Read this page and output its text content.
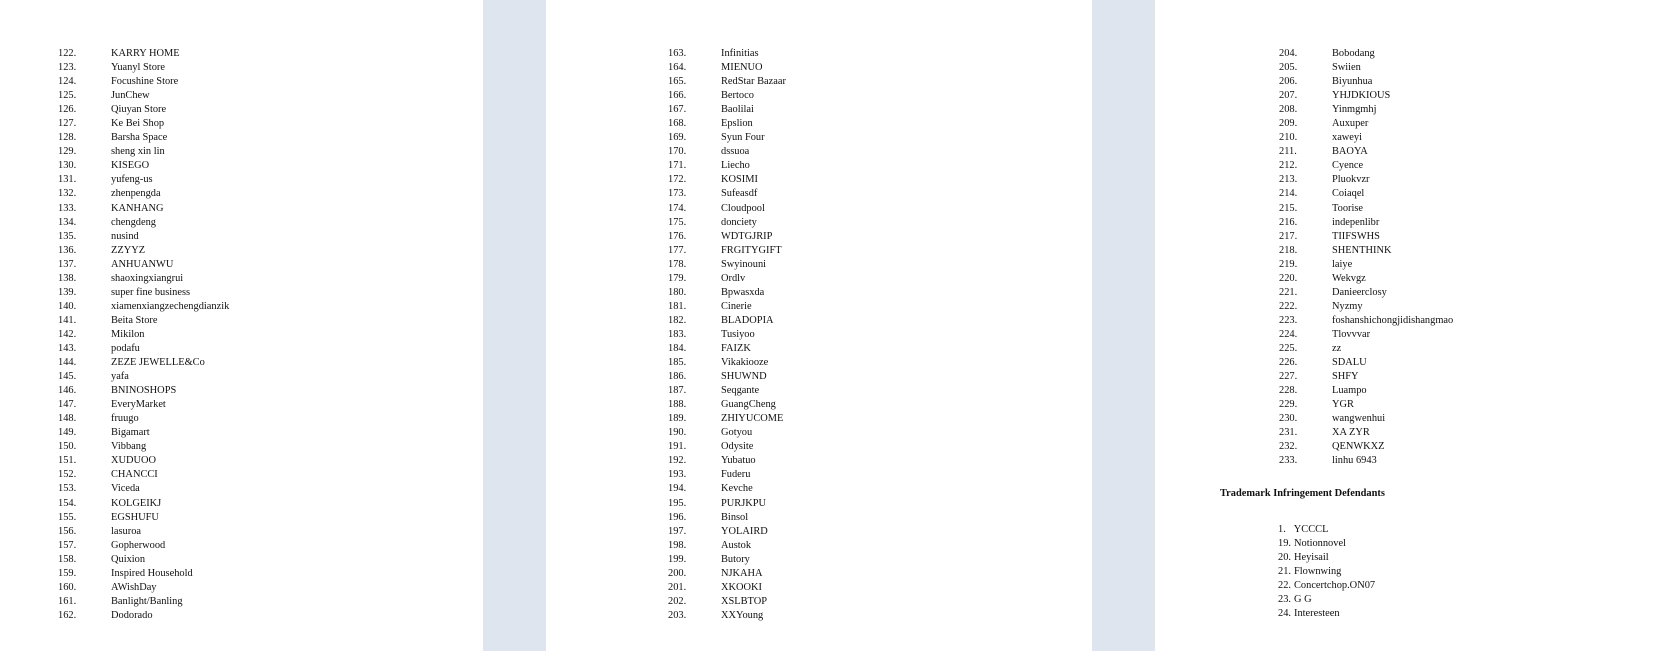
122.	KARRY HOME
123.	Yuanyl Store
124.	Focushine Store
125.	JunChew
126.	Qiuyan Store
127.	Ke Bei Shop
128.	Barsha Space
129.	sheng xin lin
130.	KISEGO
131.	yufeng-us
132.	zhenpengda
133.	KANHANG
134.	chengdeng
135.	nusind
136.	ZZYYZ
137.	ANHUANWU
138.	shaoxingxiangrui
139.	super fine business
140.	xiamenxiangzechengdianzik
141.	Beita Store
142.	Mikilon
143.	podafu
144.	ZEZE JEWELLE&Co
145.	yafa
146.	BNINOSHOPS
147.	EveryMarket
148.	fruugo
149.	Bigamart
150.	Vibbang
151.	XUDUOO
152.	CHANCCI
153.	Viceda
154.	KOLGEIKJ
155.	EGSHUFU
156.	lasuroa
157.	Gopherwood
158.	Quixion
159.	Inspired Household
160.	AWishDay
161.	Banlight/Banling
162.	Dodorado
163.	Infinitias
164.	MIENUO
165.	RedStar Bazaar
166.	Bertoco
167.	Baolilai
168.	Epslion
169.	Syun Four
170.	dssuoa
171.	Liecho
172.	KOSIMI
173.	Sufeasdf
174.	Cloudpool
175.	donciety
176.	WDTGJRIP
177.	FRGITYGIFT
178.	Swyinouni
179.	Ordlv
180.	Bpwasxda
181.	Cinerie
182.	BLADOPIA
183.	Tusiyoo
184.	FAIZK
185.	Vikakiooze
186.	SHUWND
187.	Seqgante
188.	GuangCheng
189.	ZHIYUCOME
190.	Gotyou
191.	Odysite
192.	Yubatuo
193.	Fuderu
194.	Kevche
195.	PURJKPU
196.	Binsol
197.	YOLAIRD
198.	Austok
199.	Butory
200.	NJKAHA
201.	XKOOKI
202.	XSLBTOP
203.	XXYoung
204.	Bobodang
205.	Swiien
206.	Biyunhua
207.	YHJDKIOUS
208.	Yinmgmhj
209.	Auxuper
210.	xaweyi
211.	BAOYA
212.	Cyence
213.	Pluokvzr
214.	Coiaqel
215.	Toorise
216.	indepenlibr
217.	TIIFSWHS
218.	SHENTHINK
219.	laiye
220.	Wekvgz
221.	Danieerclosy
222.	Nyzmy
223.	foshanshichongjidishangmao
224.	Tlovvvar
225.	zz
226.	SDALU
227.	SHFY
228.	Luampo
229.	YGR
230.	wangwenhui
231.	XA ZYR
232.	QENWKXZ
233.	linhu 6943
Trademark Infringement Defendants
1. YCCCL
19. Notionnovel
20. Heyisail
21. Flownwing
22. Concertchop.ON07
23. G G
24. Interesteen
